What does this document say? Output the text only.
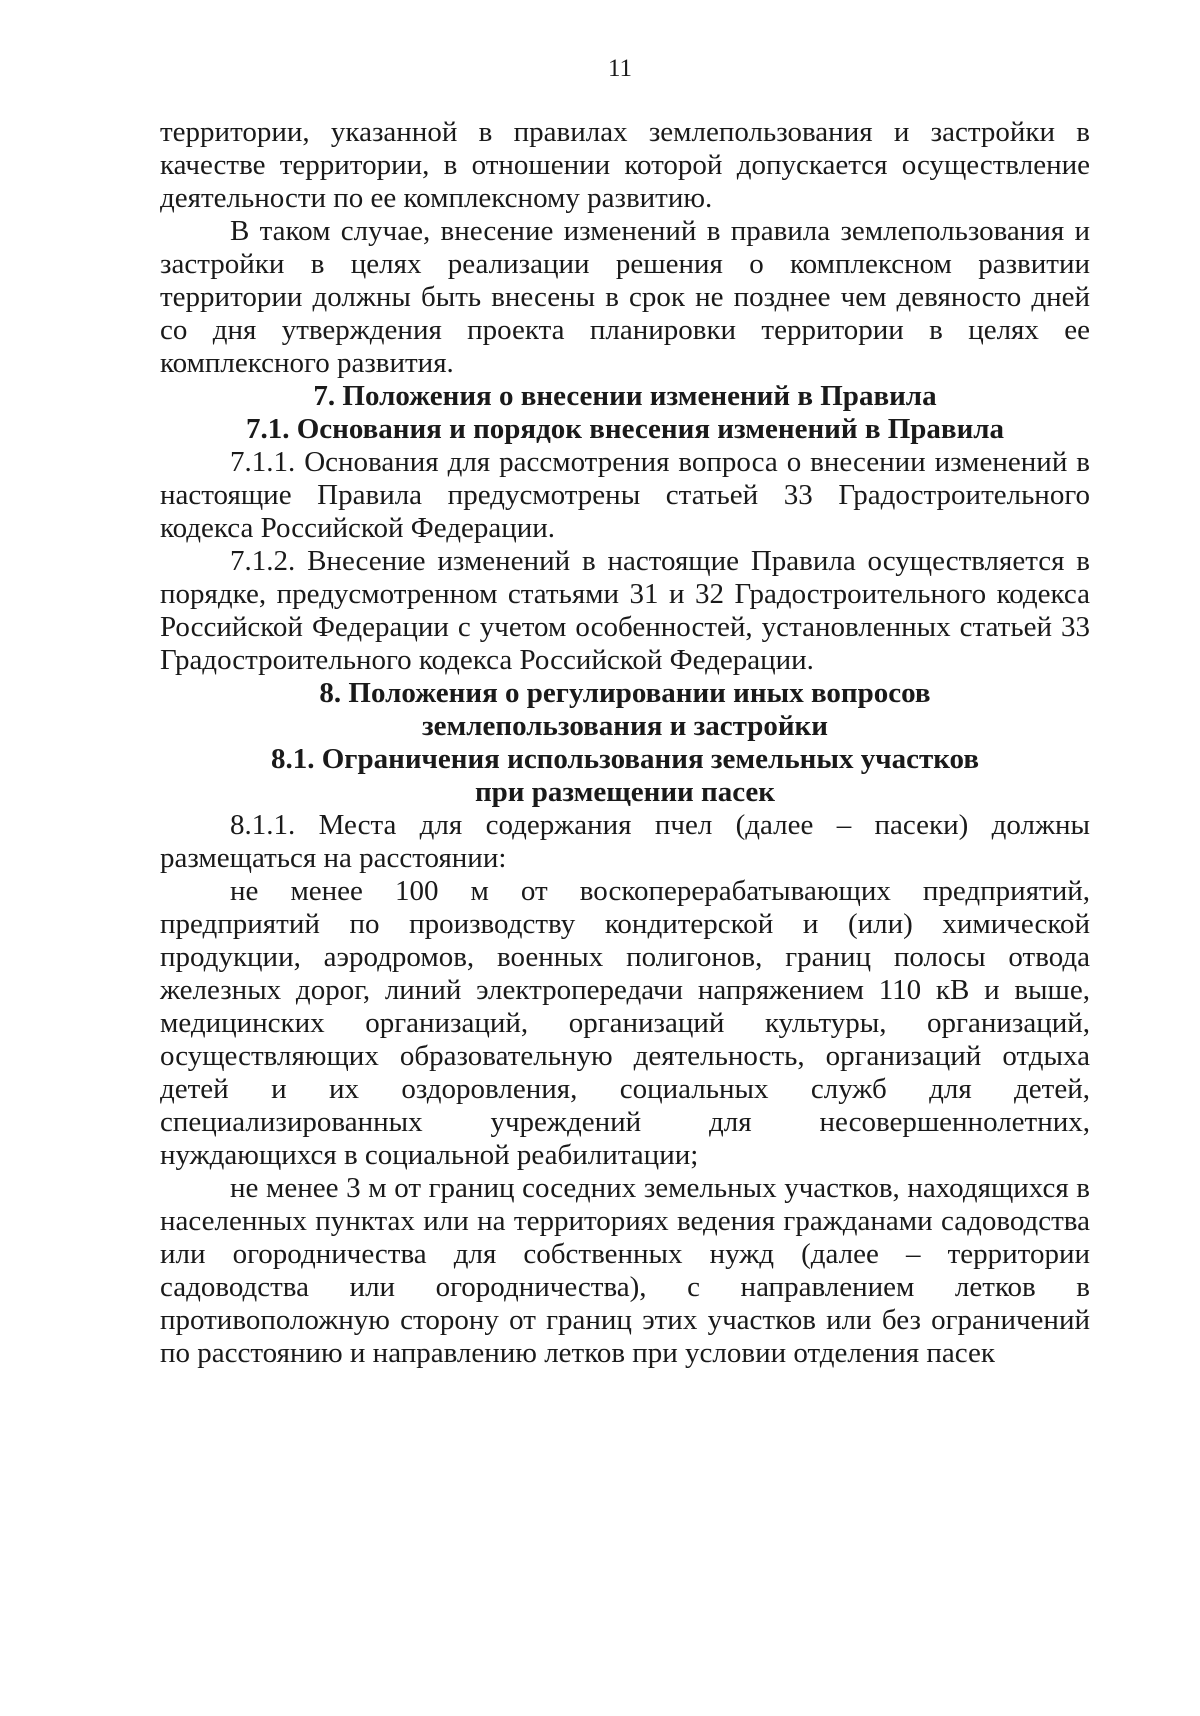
11

территории, указанной в правилах землепользования и застройки в качестве территории, в отношении которой допускается осуществление деятельности по ее комплексному развитию.

В таком случае, внесение изменений в правила землепользования и застройки в целях реализации решения о комплексном развитии территории должны быть внесены в срок не позднее чем девяносто дней со дня утверждения проекта планировки территории в целях ее комплексного развития.

7. Положения о внесении изменений в Правила
7.1. Основания и порядок внесения изменений в Правила

7.1.1. Основания для рассмотрения вопроса о внесении изменений в настоящие Правила предусмотрены статьей 33 Градостроительного кодекса Российской Федерации.

7.1.2. Внесение изменений в настоящие Правила осуществляется в порядке, предусмотренном статьями 31 и 32 Градостроительного кодекса Российской Федерации с учетом особенностей, установленных статьей 33 Градостроительного кодекса Российской Федерации.

8. Положения о регулировании иных вопросов
землепользования и застройки
8.1. Ограничения использования земельных участков
при размещении пасек

8.1.1. Места для содержания пчел (далее – пасеки) должны размещаться на расстоянии:

не менее 100 м от воскоперерабатывающих предприятий, предприятий по производству кондитерской и (или) химической продукции, аэродромов, военных полигонов, границ полосы отвода железных дорог, линий электропередачи напряжением 110 кВ и выше, медицинских организаций, организаций культуры, организаций, осуществляющих образовательную деятельность, организаций отдыха детей и их оздоровления, социальных служб для детей, специализированных учреждений для несовершеннолетних, нуждающихся в социальной реабилитации;

не менее 3 м от границ соседних земельных участков, находящихся в населенных пунктах или на территориях ведения гражданами садоводства или огородничества для собственных нужд (далее – территории садоводства или огородничества), с направлением летков в противоположную сторону от границ этих участков или без ограничений по расстоянию и направлению летков при условии отделения пасек
